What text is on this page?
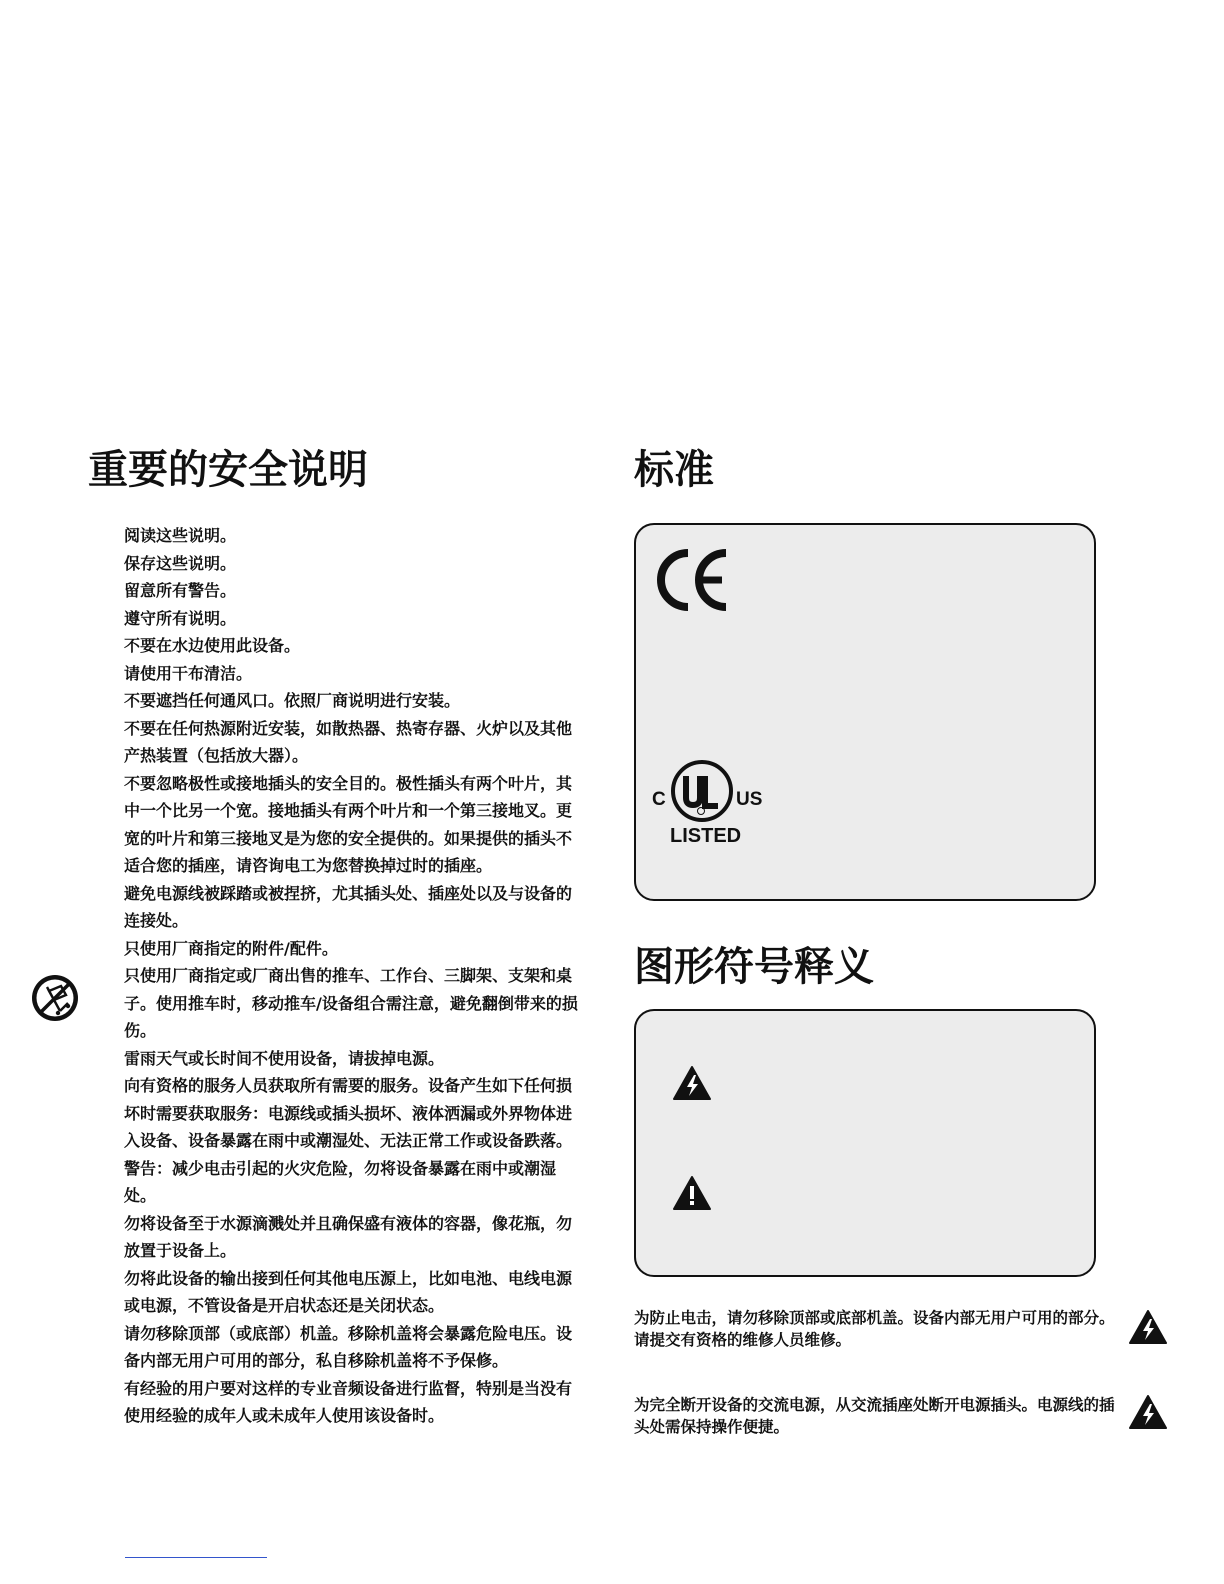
重要的安全说明
阅读这些说明。
保存这些说明。
留意所有警告。
遵守所有说明。
不要在水边使用此设备。
请使用干布清洁。
不要遮挡任何通风口。依照厂商说明进行安装。
不要在任何热源附近安装，如散热器、热寄存器、火炉以及其他产热装置（包括放大器）。
不要忽略极性或接地插头的安全目的。极性插头有两个叶片，其中一个比另一个宽。接地插头有两个叶片和一个第三接地叉。更宽的叶片和第三接地叉是为您的安全提供的。如果提供的插头不适合您的插座，请咨询电工为您替换掉过时的插座。
避免电源线被踩踏或被捏挤，尤其插头处、插座处以及与设备的连接处。
只使用厂商指定的附件/配件。
只使用厂商指定或厂商出售的推车、工作台、三脚架、支架和桌子。使用推车时，移动推车/设备组合需注意，避免翻倒带来的损伤。
雷雨天气或长时间不使用设备，请拔掉电源。
向有资格的服务人员获取所有需要的服务。设备产生如下任何损坏时需要获取服务：电源线或插头损坏、液体洒漏或外界物体进入设备、设备暴露在雨中或潮湿处、无法正常工作或设备跌落。
警告：减少电击引起的火灾危险，勿将设备暴露在雨中或潮湿处。
勿将设备至于水源滴溅处并且确保盛有液体的容器，像花瓶，勿放置于设备上。
勿将此设备的输出接到任何其他电压源上，比如电池、电线电源或电源，不管设备是开启状态还是关闭状态。
请勿移除顶部（或底部）机盖。移除机盖将会暴露危险电压。设备内部无用户可用的部分，私自移除机盖将不予保修。
有经验的用户要对这样的专业音频设备进行监督，特别是当没有使用经验的成年人或未成年人使用该设备时。
标准
C	US
LISTED
图形符号释义

为防止电击，请勿移除顶部或底部机盖。设备内部无用户可用的部分。请提交有资格的维修人员维修。

为完全断开设备的交流电源，从交流插座处断开电源插头。电源线的插头处需保持操作便捷。
